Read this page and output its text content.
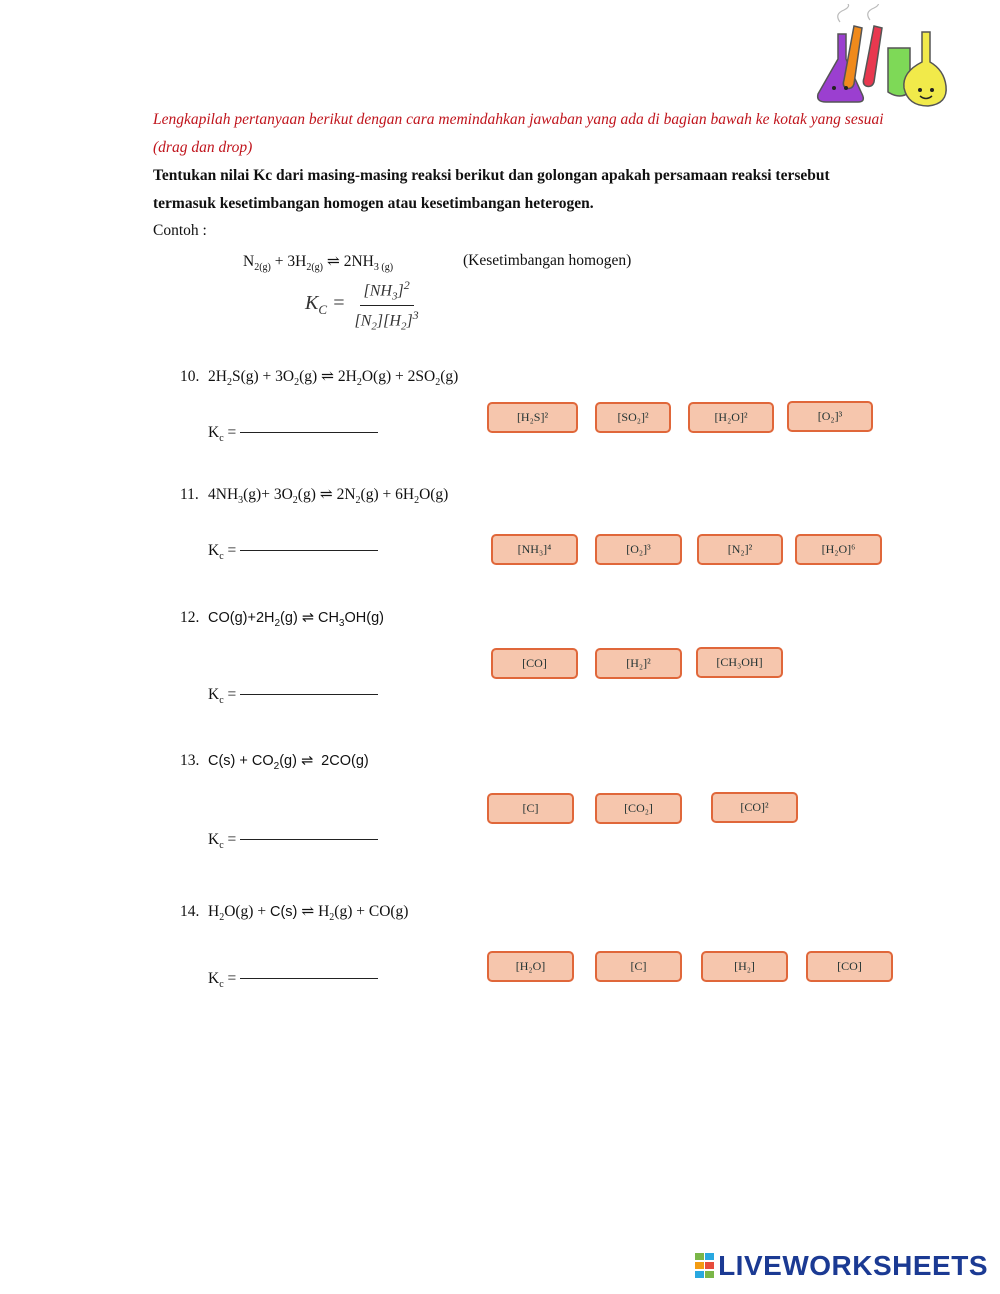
Lengkapilah pertanyaan berikut dengan cara memindahkan jawaban yang ada di bagian bawah ke kotak yang sesuai (drag dan drop)
Tentukan nilai Kc dari masing-masing reaksi berikut dan golongan apakah persamaan reaksi tersebut termasuk kesetimbangan homogen atau kesetimbangan heterogen.
Contoh :
$N_{2(g)} + 3H_{2(g)}$ ⇌ $2NH_{3 (g)}$	(Kesetimbangan homogen)
$K_C = \frac{[NH_3]^2}{[N_2][H_2]^3}$
10. $2H_2S(g) + 3O_2(g)$ ⇌ $2H_2O(g) + 2SO_2(g)$
$K_c$ =
[H₂S]²	[SO₂]²	[H₂O]²	[O₂]³
11. $4NH_3(g)+ 3O_2(g)$ ⇌ $2N_2(g) + 6H_2O(g)$
$K_c$ =	[NH₃]⁴	[O₂]³	[N₂]²	[H₂O]⁶
12. $CO(g)+2H_2(g)$ ⇌ $CH_3OH(g)$
$K_c$ =
[CO]	[H₂]²	[CH₃OH]
13. $C(s) + CO_2(g)$ ⇌  2CO(g)
$K_c$ =
[C]	[CO₂]	[CO]²
14. $H_2O(g) + C(s)$ ⇌ $H_2(g) + CO(g)$
$K_c$ =
[H₂O]	[C]	[H₂]	[CO]
LIVEWORKSHEETS
